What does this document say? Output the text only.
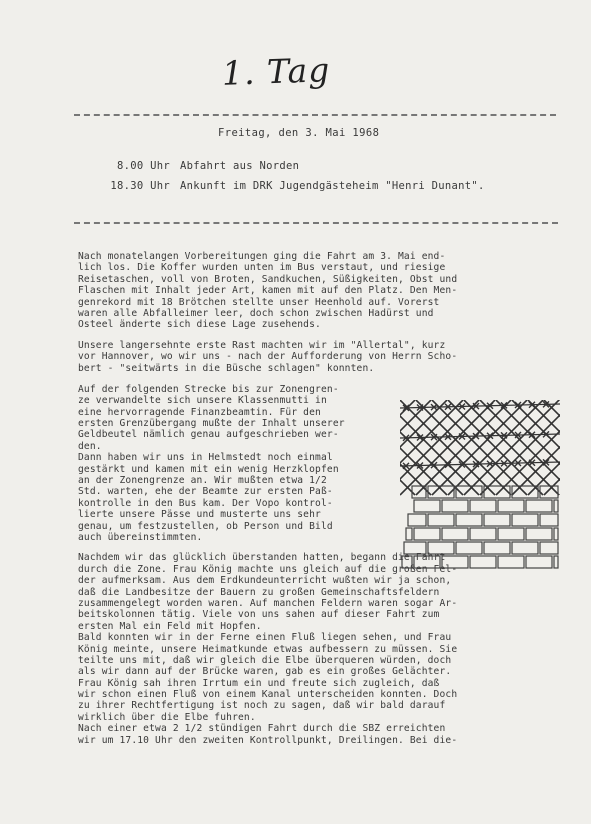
1. Tag
Freitag, den 3. Mai 1968
8.00 Uhr Abfahrt aus Norden
18.30 Uhr Ankunft im DRK Jugendgästeheim "Henri Dunant".
Nach monatelangen Vorbereitungen ging die Fahrt am 3. Mai end-
lich los. Die Koffer wurden unten im Bus verstaut, und riesige
Reisetaschen, voll von Broten, Sandkuchen, Süßigkeiten, Obst und
Flaschen mit Inhalt jeder Art, kamen mit auf den Platz. Den Men-
genrekord mit 18 Brötchen stellte unser Heenhold auf. Vorerst
waren alle Abfalleimer leer, doch schon zwischen Hadürst und
Osteel änderte sich diese Lage zusehends.
Unsere langersehnte erste Rast machten wir im "Allertal", kurz
vor Hannover, wo wir uns - nach der Aufforderung von Herrn Scho-
bert - "seitwärts in die Büsche schlagen" konnten.
Auf der folgenden Strecke bis zur Zonengren-
ze verwandelte sich unsere Klassenmutti in
eine hervorragende Finanzbeamtin. Für den
ersten Grenzübergang mußte der Inhalt unserer
Geldbeutel nämlich genau aufgeschrieben wer-
den.
Dann haben wir uns in Helmstedt noch einmal
gestärkt und kamen mit ein wenig Herzklopfen
an der Zonengrenze an. Wir mußten etwa 1/2
Std. warten, ehe der Beamte zur ersten Paß-
kontrolle in den Bus kam. Der Vopo kontrol-
lierte unsere Pässe und musterte uns sehr
genau, um festzustellen, ob Person und Bild
auch übereinstimmten.
Nachdem wir das glücklich überstanden hatten, begann die Fahrt
durch die Zone. Frau König machte uns gleich auf die großen Fel-
der aufmerksam. Aus dem Erdkundeunterricht wußten wir ja schon,
daß die Landbesitze der Bauern zu großen Gemeinschaftsfeldern
zusammengelegt worden waren. Auf manchen Feldern waren sogar Ar-
beitskolonnen tätig. Viele von uns sahen auf dieser Fahrt zum
ersten Mal ein Feld mit Hopfen.
Bald konnten wir in der Ferne einen Fluß liegen sehen, und Frau
König meinte, unsere Heimatkunde etwas aufbessern zu müssen. Sie
teilte uns mit, daß wir gleich die Elbe überqueren würden, doch
als wir dann auf der Brücke waren, gab es ein großes Gelächter.
Frau König sah ihren Irrtum ein und freute sich zugleich, daß
wir schon einen Fluß von einem Kanal unterscheiden konnten. Doch
zu ihrer Rechtfertigung ist noch zu sagen, daß wir bald darauf
wirklich über die Elbe fuhren.
Nach einer etwa 2 1/2 stündigen Fahrt durch die SBZ erreichten
wir um 17.10 Uhr den zweiten Kontrollpunkt, Dreilingen. Bei die-
